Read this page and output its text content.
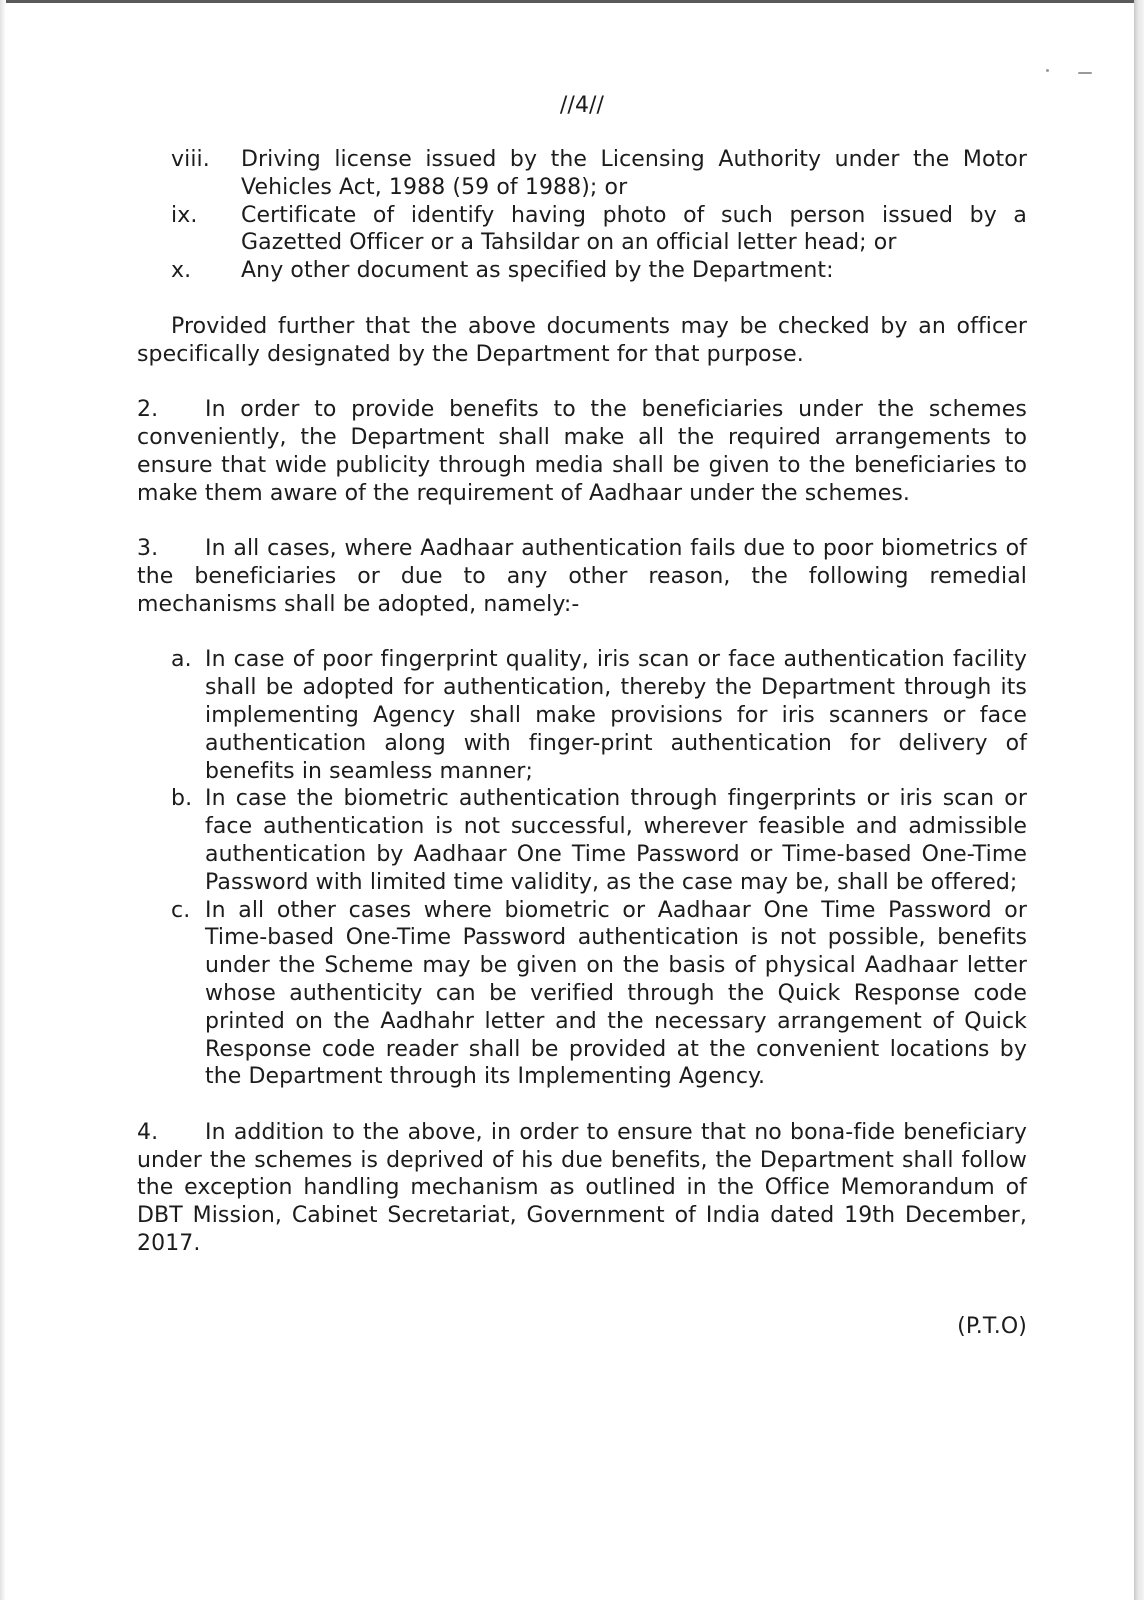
//4//
viii.	Driving license issued by the Licensing Authority under the Motor Vehicles Act, 1988 (59 of 1988); or
ix.	Certificate of identify having photo of such person issued by a Gazetted Officer or a Tahsildar on an official letter head; or
x.	Any other document as specified by the Department:
Provided further that the above documents may be checked by an officer specifically designated by the Department for that purpose.
2. In order to provide benefits to the beneficiaries under the schemes conveniently, the Department shall make all the required arrangements to ensure that wide publicity through media shall be given to the beneficiaries to make them aware of the requirement of Aadhaar under the schemes.
3. In all cases, where Aadhaar authentication fails due to poor biometrics of the beneficiaries or due to any other reason, the following remedial mechanisms shall be adopted, namely:-
a. In case of poor fingerprint quality, iris scan or face authentication facility shall be adopted for authentication, thereby the Department through its implementing Agency shall make provisions for iris scanners or face authentication along with finger-print authentication for delivery of benefits in seamless manner;
b. In case the biometric authentication through fingerprints or iris scan or face authentication is not successful, wherever feasible and admissible authentication by Aadhaar One Time Password or Time-based One-Time Password with limited time validity, as the case may be, shall be offered;
c. In all other cases where biometric or Aadhaar One Time Password or Time-based One-Time Password authentication is not possible, benefits under the Scheme may be given on the basis of physical Aadhaar letter whose authenticity can be verified through the Quick Response code printed on the Aadhahr letter and the necessary arrangement of Quick Response code reader shall be provided at the convenient locations by the Department through its Implementing Agency.
4. In addition to the above, in order to ensure that no bona-fide beneficiary under the schemes is deprived of his due benefits, the Department shall follow the exception handling mechanism as outlined in the Office Memorandum of DBT Mission, Cabinet Secretariat, Government of India dated 19th December, 2017.
(P.T.O)
